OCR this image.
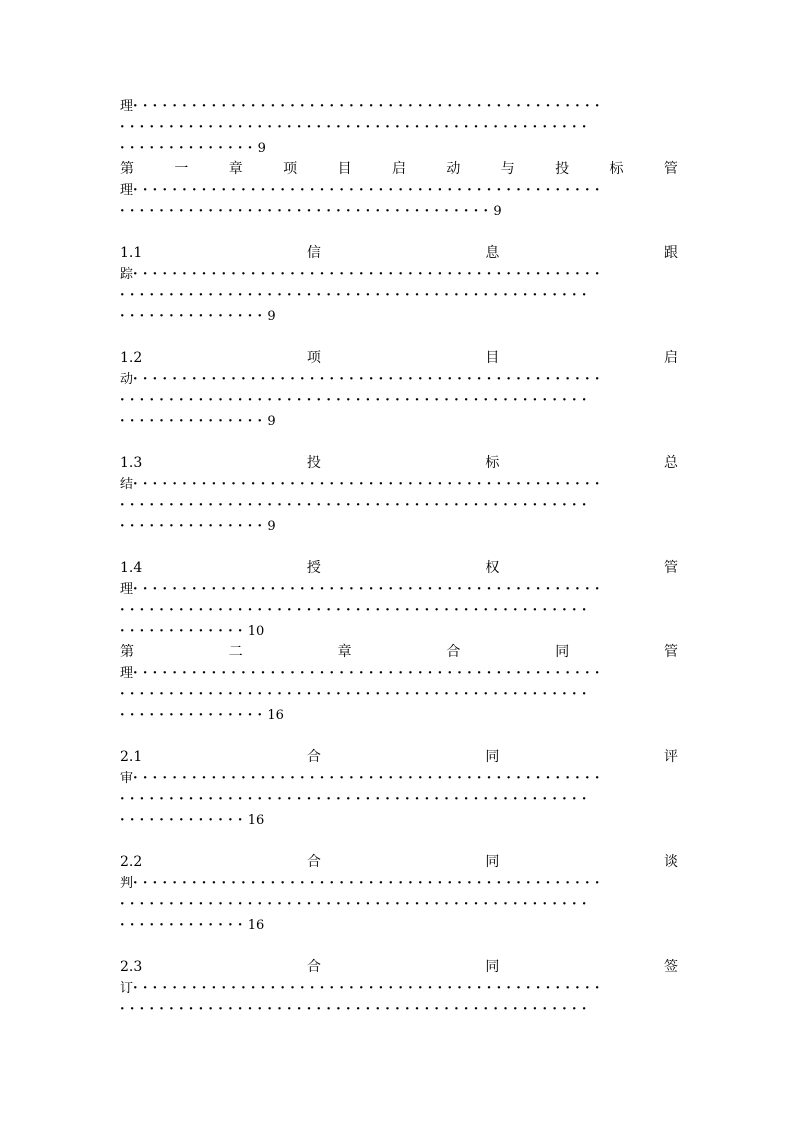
理················································
················································
··············9
第	一	章	项	目	启	动	与	投	标	管
理················································
······································9
1.1	信	息	跟
踪················································
················································
···············9
1.2	项	目	启
动················································
················································
···············9
1.3	投	标	总
结················································
················································
···············9
1.4	授	权	管
理················································
················································
·············10
第	二	章	合	同	管
理················································
················································
···············16
2.1	合	同	评
审················································
················································
·············16
2.2	合	同	谈
判················································
················································
·············16
2.3	合	同	签
订················································
················································
